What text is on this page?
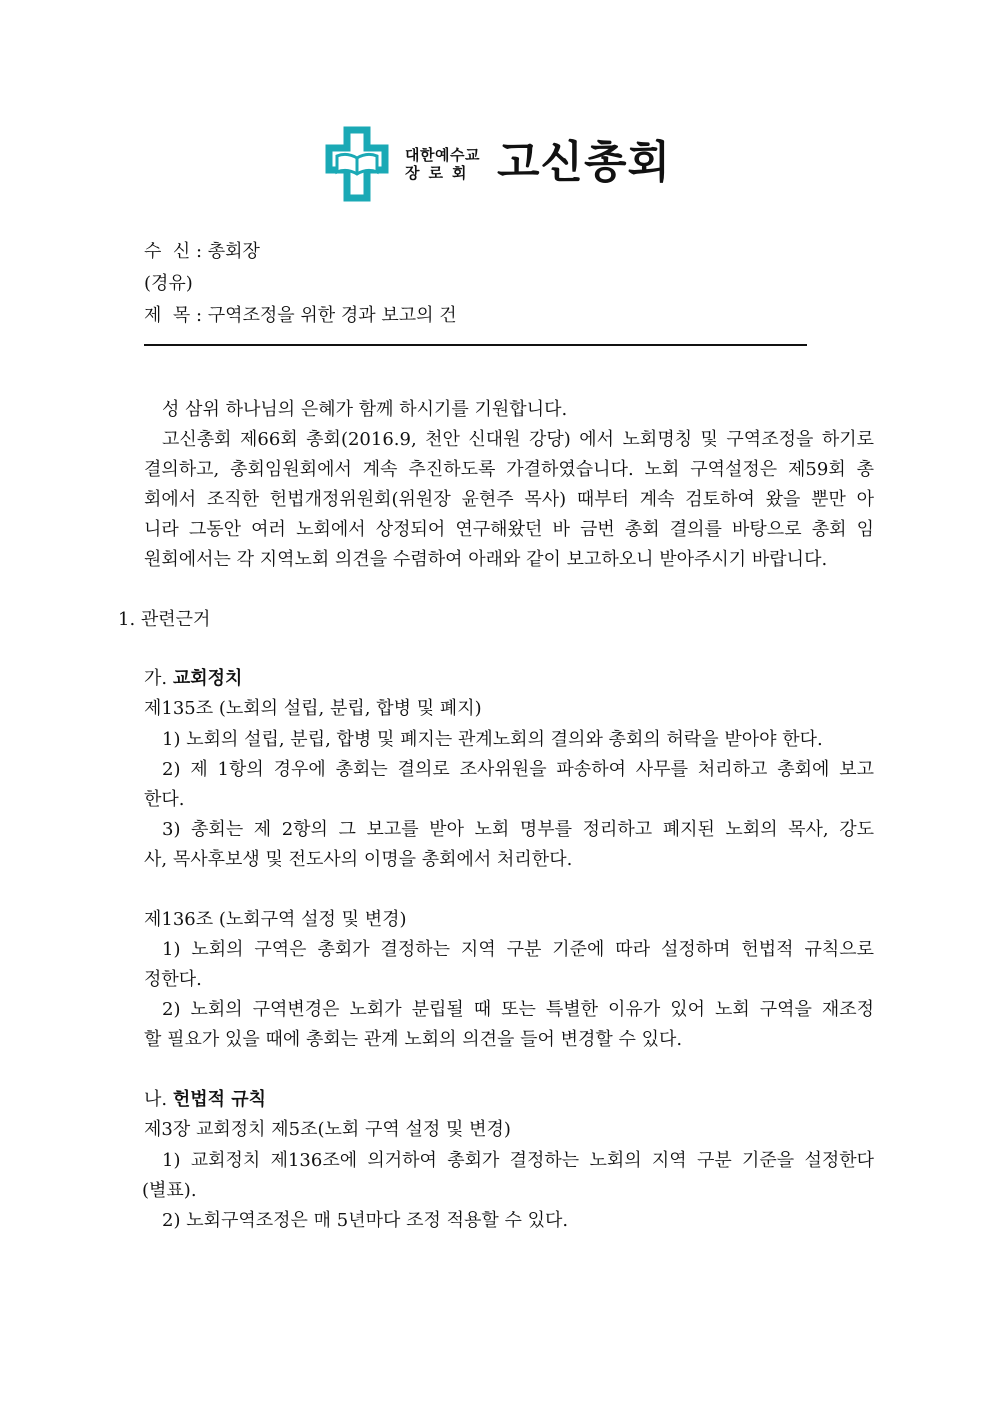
대한예수교
장로회 고신총회
수  신 : 총회장
(경유)
제  목 : 구역조정을 위한 경과 보고의 건
성 삼위 하나님의 은혜가 함께 하시기를 기원합니다.
고신총회 제66회 총회(2016.9, 천안 신대원 강당) 에서 노회명칭 및 구역조정을 하기로
결의하고, 총회임원회에서 계속 추진하도록 가결하였습니다. 노회 구역설정은 제59회 총
회에서 조직한 헌법개정위원회(위원장 윤현주 목사) 때부터 계속 검토하여 왔을 뿐만 아
니라 그동안 여러 노회에서 상정되어 연구해왔던 바 금번 총회 결의를 바탕으로 총회 임
원회에서는 각 지역노회 의견을 수렴하여 아래와 같이 보고하오니 받아주시기 바랍니다.
1. 관련근거
가. 교회정치
제135조 (노회의 설립, 분립, 합병 및 폐지)
1) 노회의 설립, 분립, 합병 및 폐지는 관계노회의 결의와 총회의 허락을 받아야 한다.
2) 제 1항의 경우에 총회는 결의로 조사위원을 파송하여 사무를 처리하고 총회에 보고
한다.
3) 총회는 제 2항의 그 보고를 받아 노회 명부를 정리하고 폐지된 노회의 목사, 강도
사, 목사후보생 및 전도사의 이명을 총회에서 처리한다.
제136조 (노회구역 설정 및 변경)
1) 노회의 구역은 총회가 결정하는 지역 구분 기준에 따라 설정하며 헌법적 규칙으로
정한다.
2) 노회의 구역변경은 노회가 분립될 때 또는 특별한 이유가 있어 노회 구역을 재조정
할 필요가 있을 때에 총회는 관계 노회의 의견을 들어 변경할 수 있다.
나. 헌법적 규칙
제3장 교회정치 제5조(노회 구역 설정 및 변경)
1) 교회정치 제136조에 의거하여 총회가 결정하는 노회의 지역 구분 기준을 설정한다
(별표).
2) 노회구역조정은 매 5년마다 조정 적용할 수 있다.
